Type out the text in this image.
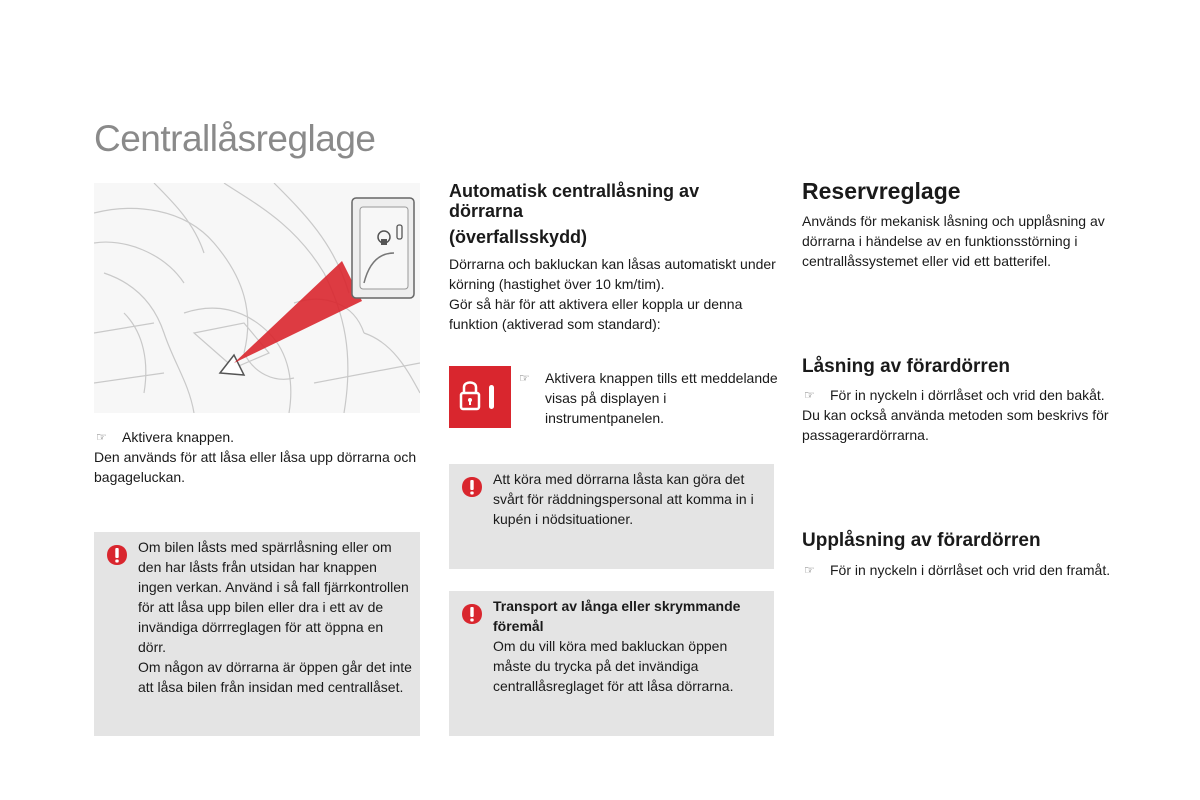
Centrallåsreglage
☞ Aktivera knappen.
Den används för att låsa eller låsa upp dörrarna och bagageluckan.

Om bilen låsts med spärrlåsning eller om den har låsts från utsidan har knappen ingen verkan. Använd i så fall fjärrkontrollen för att låsa upp bilen eller dra i ett av de invändiga dörrreglagen för att öppna en dörr.

Om någon av dörrarna är öppen går det inte att låsa bilen från insidan med centrallåset.

Automatisk centrallåsning av dörrarna
(överfallsskydd)

Dörrarna och bakluckan kan låsas automatiskt under körning (hastighet över 10 km/tim).

Gör så här för att aktivera eller koppla ur denna funktion (aktiverad som standard):

☞ Aktivera knappen tills ett meddelande visas på displayen i instrumentpanelen.
Att köra med dörrarna låsta kan göra det svårt för räddningspersonal att komma in i kupén i nödsituationer.

Transport av långa eller skrymmande föremål

Om du vill köra med bakluckan öppen måste du trycka på det invändiga centrallåsreglaget för att låsa dörrarna.

Reservreglage
Används för mekanisk låsning och upplåsning av dörrarna i händelse av en funktionsstörning i centrallåssystemet eller vid ett batterifel.
Låsning av förardörren
☞ För in nyckeln i dörrlåset och vrid den bakåt.
Du kan också använda metoden som beskrivs för passagerardörrarna.
Upplåsning av förardörren
☞ För in nyckeln i dörrlåset och vrid den framåt.
